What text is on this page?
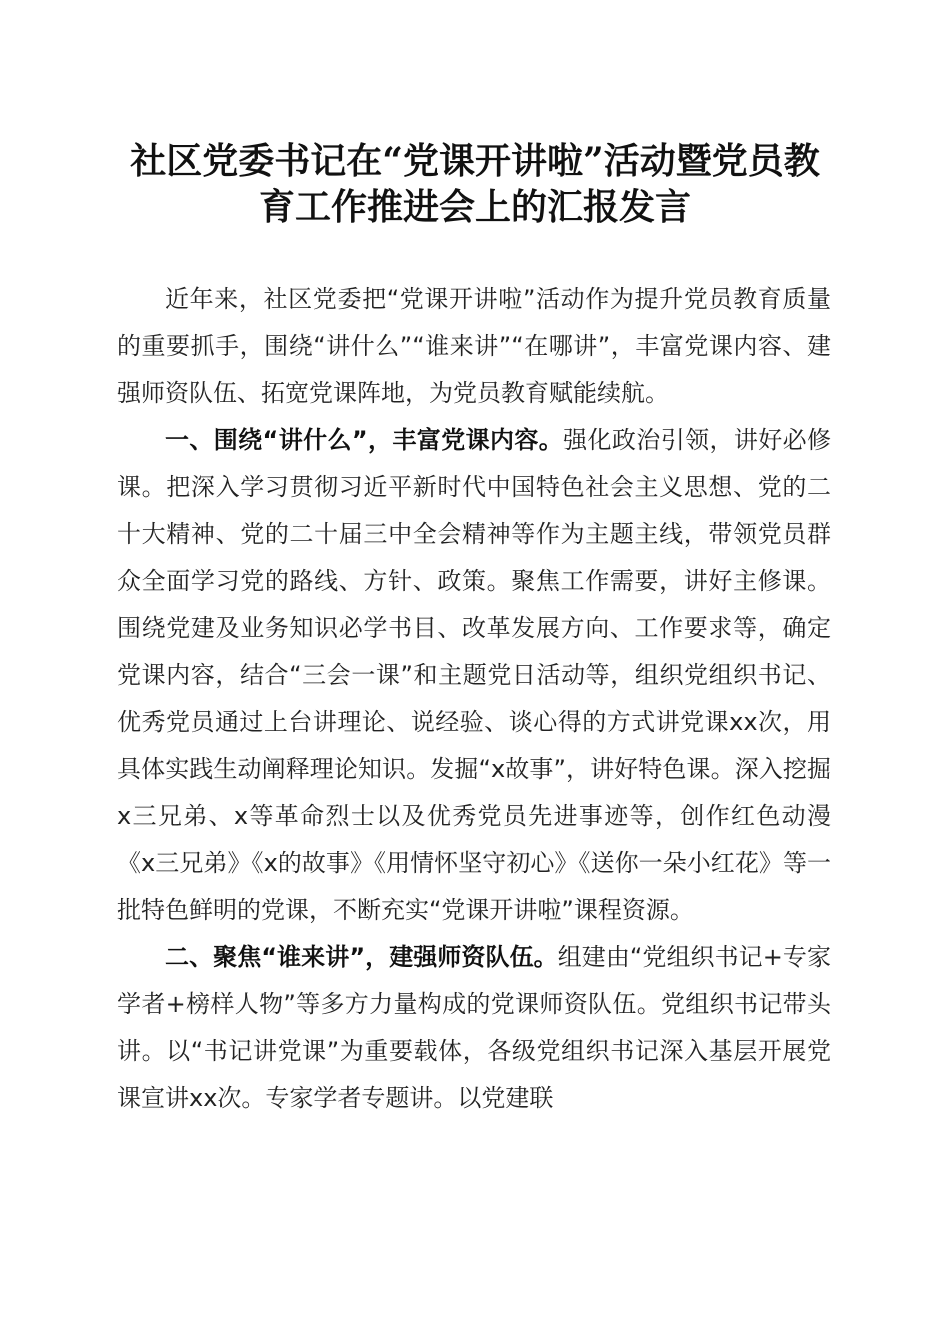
社区党委书记在“党课开讲啦”活动暨党员教
育工作推进会上的汇报发言

近年来，社区党委把“党课开讲啦”活动作为提升党员教育质量的重要抓手，围绕“讲什么”“谁来讲”“在哪讲”，丰富党课内容、建强师资队伍、拓宽党课阵地，为党员教育赋能续航。

一、围绕“讲什么”，丰富党课内容。强化政治引领，讲好必修课。把深入学习贯彻习近平新时代中国特色社会主义思想、党的二十大精神、党的二十届三中全会精神等作为主题主线，带领党员群众全面学习党的路线、方针、政策。聚焦工作需要，讲好主修课。围绕党建及业务知识必学书目、改革发展方向、工作要求等，确定党课内容，结合“三会一课”和主题党日活动等，组织党组织书记、优秀党员通过上台讲理论、说经验、谈心得的方式讲党课xx次，用具体实践生动阐释理论知识。发掘“x故事”，讲好特色课。深入挖掘x三兄弟、x等革命烈士以及优秀党员先进事迹等，创作红色动漫《x三兄弟》《x的故事》《用情怀坚守初心》《送你一朵小红花》等一批特色鲜明的党课，不断充实“党课开讲啦”课程资源。

二、聚焦“谁来讲”，建强师资队伍。组建由“党组织书记+专家学者+榜样人物”等多方力量构成的党课师资队伍。党组织书记带头讲。以“书记讲党课”为重要载体，各级党组织书记深入基层开展党课宣讲xx次。专家学者专题讲。以党建联
